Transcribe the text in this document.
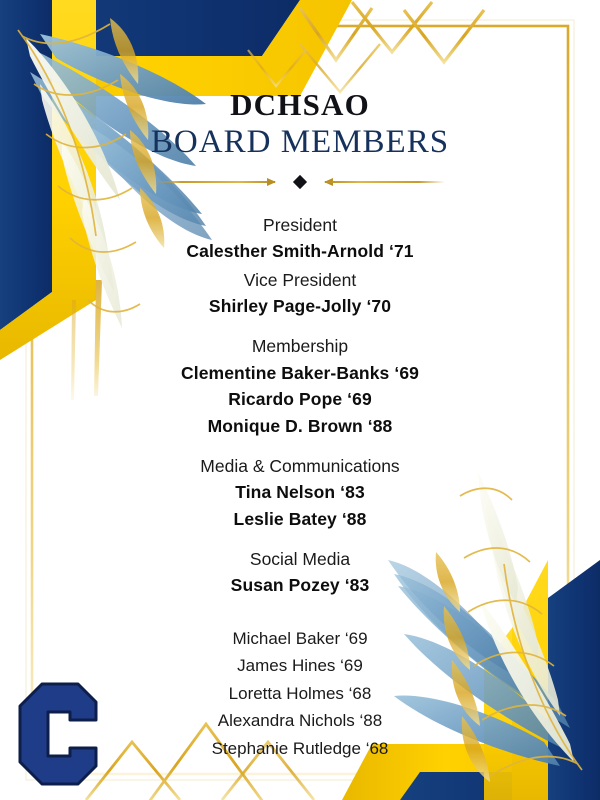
DCHSAO
BOARD MEMBERS
President
Calesther Smith-Arnold ‘71
Vice President
Shirley Page-Jolly ‘70
Membership
Clementine Baker-Banks ‘69
Ricardo Pope ‘69
Monique D. Brown ‘88
Media & Communications
Tina Nelson ‘83
Leslie Batey ‘88
Social Media
Susan Pozey ‘83
Michael Baker ‘69
James Hines ‘69
Loretta Holmes ‘68
Alexandra Nichols ‘88
Stephanie Rutledge ‘68
